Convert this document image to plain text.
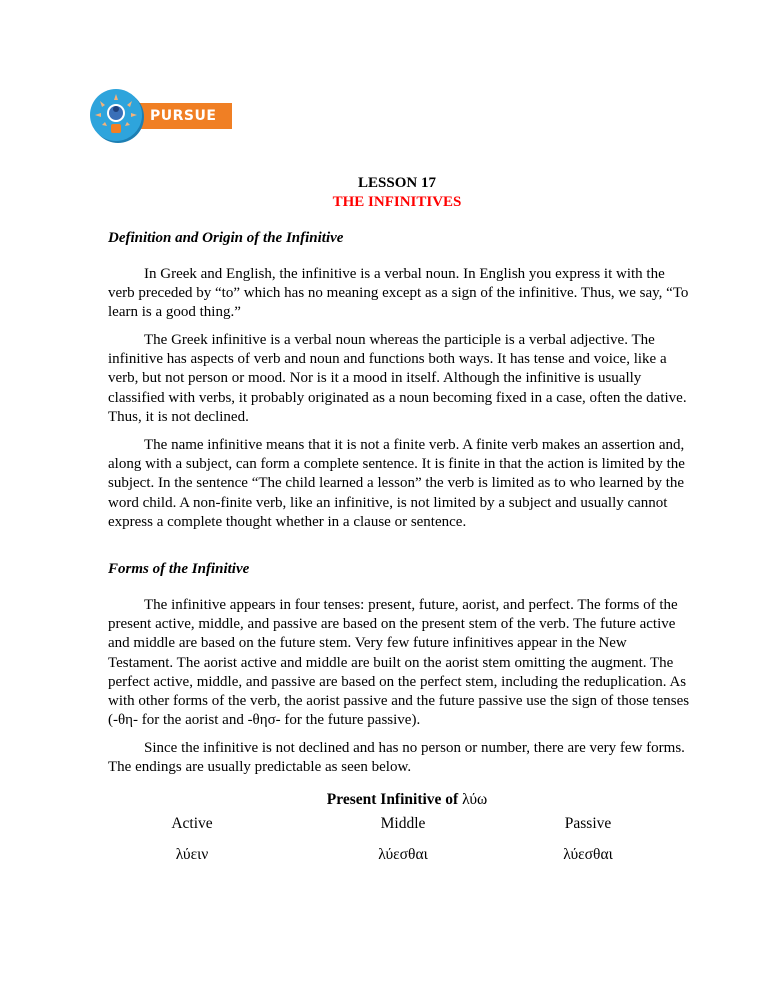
PURSUE
LESSON 17
THE INFINITIVES
Definition and Origin of the Infinitive

In Greek and English, the infinitive is a verbal noun. In English you express it with the verb preceded by “to” which has no meaning except as a sign of the infinitive. Thus, we say, “To learn is a good thing.”

The Greek infinitive is a verbal noun whereas the participle is a verbal adjective. The infinitive has aspects of verb and noun and functions both ways. It has tense and voice, like a verb, but not person or mood. Nor is it a mood in itself. Although the infinitive is usually classified with verbs, it probably originated as a noun becoming fixed in a case, often the dative. Thus, it is not declined.

The name infinitive means that it is not a finite verb. A finite verb makes an assertion and, along with a subject, can form a complete sentence. It is finite in that the action is limited by the subject. In the sentence “The child learned a lesson” the verb is limited as to who learned by the word child. A non-finite verb, like an infinitive, is not limited by a subject and usually cannot express a complete thought whether in a clause or sentence.

Forms of the Infinitive

The infinitive appears in four tenses: present, future, aorist, and perfect. The forms of the present active, middle, and passive are based on the present stem of the verb. The future active and middle are based on the future stem. Very few future infinitives appear in the New Testament. The aorist active and middle are built on the aorist stem omitting the augment. The perfect active, middle, and passive are based on the perfect stem, including the reduplication. As with other forms of the verb, the aorist passive and the future passive use the sign of those tenses (-θη- for the aorist and -θησ- for the future passive).

Since the infinitive is not declined and has no person or number, there are very few forms. The endings are usually predictable as seen below.

Present Infinitive of λύω
Active
λύειν
Middle
λύεσθαι
Passive
λύεσθαι
